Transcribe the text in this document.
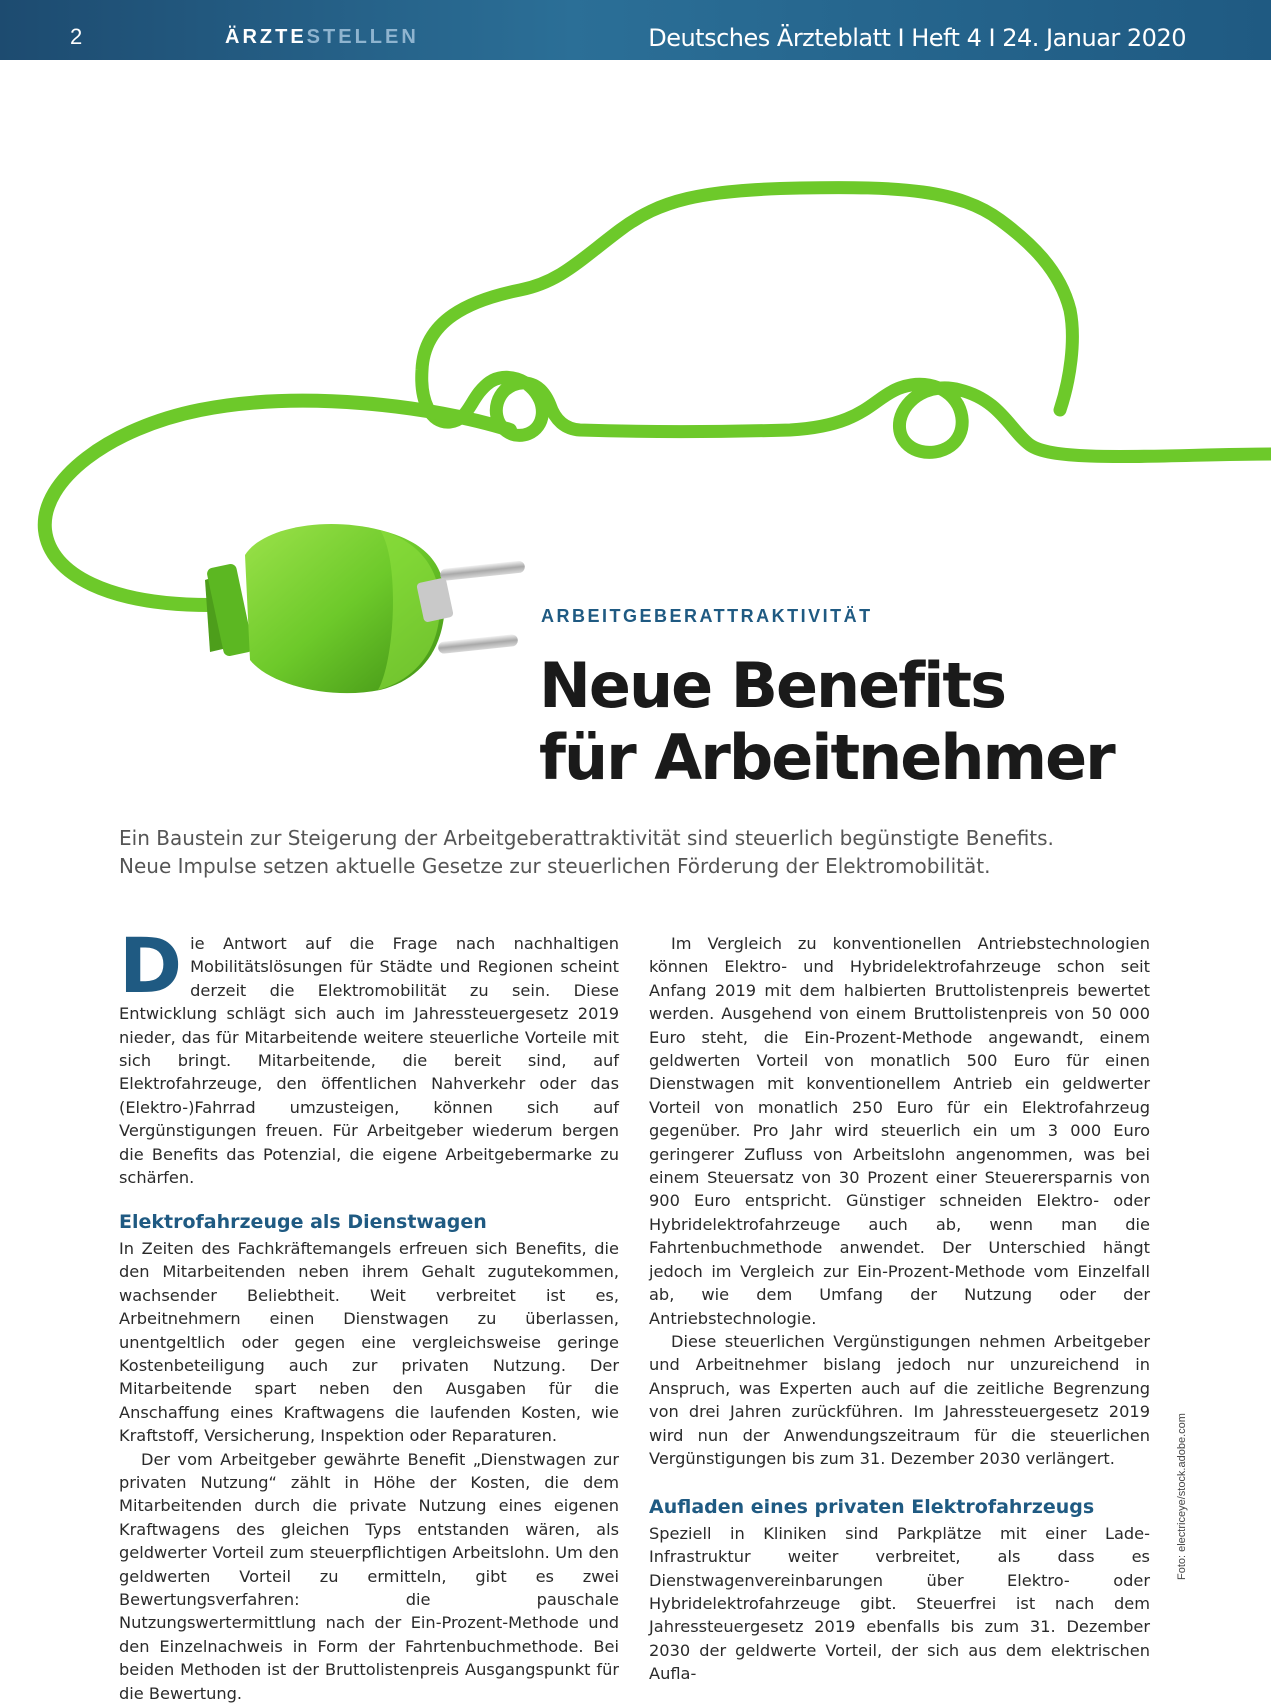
2	ÄRZTESTELLEN	Deutsches Ärzteblatt I Heft 4 I 24. Januar 2020
ARBEITGEBERATTRAKTIVITÄT
Neue Benefits
für Arbeitnehmer
Ein Baustein zur Steigerung der Arbeitgeberattraktivität sind steuerlich begünstigte Benefits.
Neue Impulse setzen aktuelle Gesetze zur steuerlichen Förderung der Elektromobilität.

Die Antwort auf die Frage nach nachhaltigen Mobilitätslösungen für Städte und Regionen scheint derzeit die Elektromobilität zu sein. Diese Entwicklung schlägt sich auch im Jahressteuergesetz 2019 nieder, das für Mitarbeitende weitere steuerliche Vorteile mit sich bringt. Mitarbeitende, die bereit sind, auf Elektrofahrzeuge, den öffentlichen Nahverkehr oder das (Elektro-)Fahrrad umzusteigen, können sich auf Vergünstigungen freuen. Für Arbeitgeber wiederum bergen die Benefits das Potenzial, die eigene Arbeitgebermarke zu schärfen.

Elektrofahrzeuge als Dienstwagen

In Zeiten des Fachkräftemangels erfreuen sich Benefits, die den Mitarbeitenden neben ihrem Gehalt zugutekommen, wachsender Beliebtheit. Weit verbreitet ist es, Arbeitnehmern einen Dienstwagen zu überlassen, unentgeltlich oder gegen eine vergleichsweise geringe Kostenbeteiligung auch zur privaten Nutzung. Der Mitarbeitende spart neben den Ausgaben für die Anschaffung eines Kraftwagens die laufenden Kosten, wie Kraftstoff, Versicherung, Inspektion oder Reparaturen.

Der vom Arbeitgeber gewährte Benefit „Dienstwagen zur privaten Nutzung“ zählt in Höhe der Kosten, die dem Mitarbeitenden durch die private Nutzung eines eigenen Kraftwagens des gleichen Typs entstanden wären, als geldwerter Vorteil zum steuerpflichtigen Arbeitslohn. Um den geldwerten Vorteil zu ermitteln, gibt es zwei Bewertungsverfahren: die pauschale Nutzungswertermittlung nach der Ein-Prozent-Methode und den Einzelnachweis in Form der Fahrtenbuchmethode. Bei beiden Methoden ist der Bruttolistenpreis Ausgangspunkt für die Bewertung.

Im Vergleich zu konventionellen Antriebstechnologien können Elektro- und Hybridelektrofahrzeuge schon seit Anfang 2019 mit dem halbierten Bruttolistenpreis bewertet werden. Ausgehend von einem Bruttolistenpreis von 50 000 Euro steht, die Ein-Prozent-Methode angewandt, einem geldwerten Vorteil von monatlich 500 Euro für einen Dienstwagen mit konventionellem Antrieb ein geldwerter Vorteil von monatlich 250 Euro für ein Elektrofahrzeug gegenüber. Pro Jahr wird steuerlich ein um 3 000 Euro geringerer Zufluss von Arbeitslohn angenommen, was bei einem Steuersatz von 30 Prozent einer Steuerersparnis von 900 Euro entspricht. Günstiger schneiden Elektro- oder Hybridelektrofahrzeuge auch ab, wenn man die Fahrtenbuchmethode anwendet. Der Unterschied hängt jedoch im Vergleich zur Ein-Prozent-Methode vom Einzelfall ab, wie dem Umfang der Nutzung oder der Antriebstechnologie.

Diese steuerlichen Vergünstigungen nehmen Arbeitgeber und Arbeitnehmer bislang jedoch nur unzureichend in Anspruch, was Experten auch auf die zeitliche Begrenzung von drei Jahren zurückführen. Im Jahressteuergesetz 2019 wird nun der Anwendungszeitraum für die steuerlichen Vergünstigungen bis zum 31. Dezember 2030 verlängert.

Aufladen eines privaten Elektrofahrzeugs

Speziell in Kliniken sind Parkplätze mit einer Lade-Infrastruktur weiter verbreitet, als dass es Dienstwagenvereinbarungen über Elektro- oder Hybridelektrofahrzeuge gibt. Steuerfrei ist nach dem Jahressteuergesetz 2019 ebenfalls bis zum 31. Dezember 2030 der geldwerte Vorteil, der sich aus dem elektrischen Aufla-

Foto: electriceye/stock.adobe.com
